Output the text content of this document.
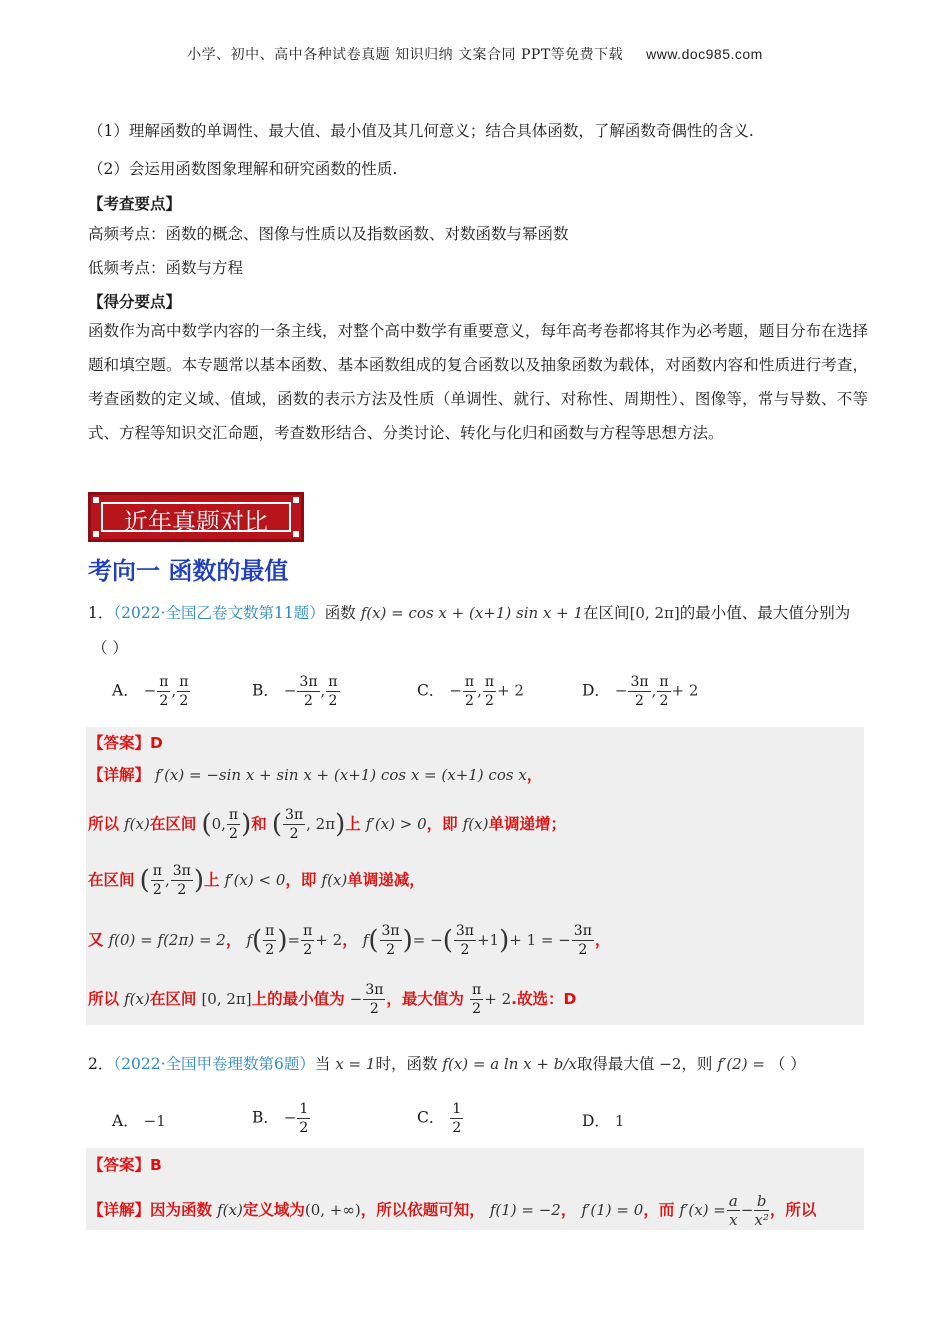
小学、初中、高中各种试卷真题 知识归纳 文案合同 PPT等免费下载 www.doc985.com
（1）理解函数的单调性、最大值、最小值及其几何意义；结合具体函数，了解函数奇偶性的含义.
（2）会运用函数图象理解和研究函数的性质.
【考查要点】
高频考点：函数的概念、图像与性质以及指数函数、对数函数与幂函数
低频考点：函数与方程
【得分要点】
函数作为高中数学内容的一条主线，对整个高中数学有重要意义，每年高考卷都将其作为必考题，题目分布在选择题和填空题。本专题常以基本函数、基本函数组成的复合函数以及抽象函数为载体，对函数内容和性质进行考查，考查函数的定义域、值域，函数的表示方法及性质（单调性、就行、对称性、周期性）、图像等，常与导数、不等式、方程等知识交汇命题，考查数形结合、分类讨论、转化与化归和函数与方程等思想方法。
近年真题对比
考向一 函数的最值
1．（2022·全国乙卷文数第11题）函数 f(x) = cos x + (x+1) sin x + 1在区间[0, 2π]的最小值、最大值分别为
（ ）
A． − $\frac{\pi}{2}$ , $\frac{\pi}{2}$	B． − $\frac{3\pi}{2}$ , $\frac{\pi}{2}$	C． − $\frac{\pi}{2}$ , $\frac{\pi}{2} + 2$	D． − $\frac{3\pi}{2}$ , $\frac{\pi}{2} + 2$
【答案】D
【详解】 f′(x) = −sin x + sin x + (x+1) cos x = (x+1) cos x，
所以 f(x)在区间 (0, $\frac{\pi}{2}$ )和 ( $\frac{3\pi}{2}$ , 2π)上 f′(x) > 0，即 f(x)单调递增；
在区间 ( $\frac{\pi}{2}$ , $\frac{3\pi}{2}$ )上 f′(x) < 0，即 f(x)单调递减，
又 f(0) = f(2π) = 2， $f( \frac{\pi}{2}$ )= $\frac{\pi}{2} + 2$， $f( \frac{3\pi}{2}$ )= −( $\frac{3\pi}{2} +1)+ 1$ = − $\frac{3\pi}{2}$ ，
所以 f(x)在区间 [0, 2π]上的最小值为 − $\frac{3\pi}{2}$ ，最大值为 $\frac{\pi}{2} + 2$.故选：D
2．（2022·全国甲卷理数第6题）当 x = 1时，函数 f(x) = a ln x + b/x取得最大值 −2，则 f′(2) = （ ）
A． −1	B． − $\frac{1}{2}$	C． $\frac{1}{2}$	D． 1
【答案】B
【详解】因为函数 f(x)定义域为(0, +∞)，所以依题可知， f(1) = −2， f′(1) = 0，而 $f'(x) = \frac{a}{x} - \frac{b}{\text{x²}}$ ，所以
